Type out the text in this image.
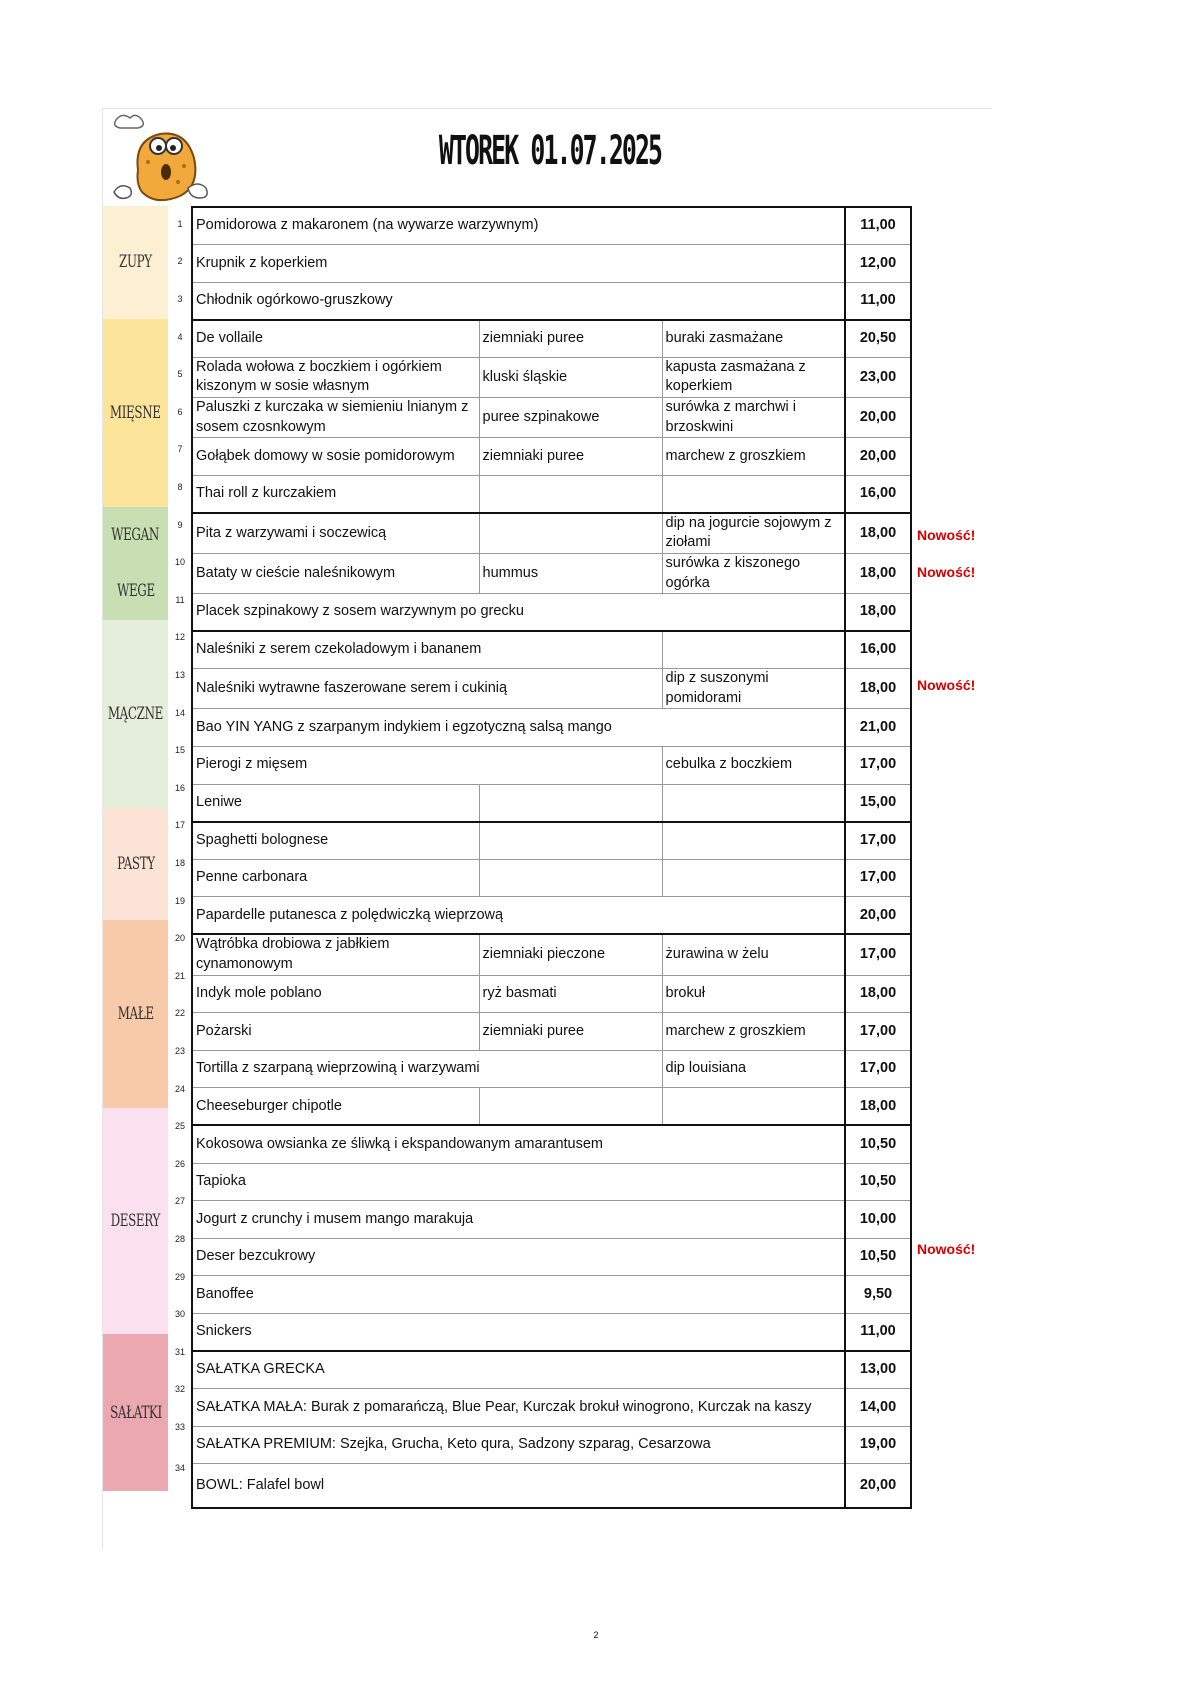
WTOREK 01.07.2025
ZUPY
MIĘSNE
WEGAN
WEGE
MĄCZNE
PASTY
MAŁE
DESERY
SAŁATKI
1
2
3
4
5
6
7
8
9
10
11
12
13
14
15
16
17
18
19
20
21
22
23
24
25
26
27
28
29
30
31
32
33
34
Nowość!
Nowość!
Nowość!
Nowość!
Pomidorowa z makaronem (na wywarze warzywnym)			11,00
Krupnik z koperkiem			12,00
Chłodnik ogórkowo-gruszkowy			11,00
De vollaile	ziemniaki puree	buraki zasmażane	20,50
Rolada wołowa z boczkiem i ogórkiem kiszonym w sosie własnym	kluski śląskie	kapusta zasmażana z koperkiem	23,00
Paluszki z kurczaka w siemieniu lnianym z sosem czosnkowym	puree szpinakowe	surówka z marchwi i brzoskwini	20,00
Gołąbek domowy w sosie pomidorowym	ziemniaki puree	marchew z groszkiem	20,00
Thai roll z kurczakiem			16,00
Pita z warzywami i soczewicą		dip na jogurcie sojowym z ziołami	18,00
Bataty w cieście naleśnikowym	hummus	surówka z kiszonego ogórka	18,00
Placek szpinakowy z sosem warzywnym po grecku			18,00
Naleśniki z serem czekoladowym i bananem			16,00
Naleśniki wytrawne faszerowane serem i cukinią		dip z suszonymi pomidorami	18,00
Bao YIN YANG z szarpanym indykiem i egzotyczną salsą mango			21,00
Pierogi z mięsem		cebulka z boczkiem	17,00
Leniwe			15,00
Spaghetti bolognese			17,00
Penne carbonara			17,00
Papardelle putanesca z polędwiczką wieprzową			20,00
Wątróbka drobiowa z jabłkiem cynamonowym	ziemniaki pieczone	żurawina w żelu	17,00
Indyk mole poblano	ryż basmati	brokuł	18,00
Pożarski	ziemniaki puree	marchew z groszkiem	17,00
Tortilla z szarpaną wieprzowiną i warzywami		dip louisiana	17,00
Cheeseburger chipotle			18,00
Kokosowa owsianka ze śliwką i ekspandowanym amarantusem			10,50
Tapioka			10,50
Jogurt z crunchy i musem mango marakuja			10,00
Deser bezcukrowy			10,50
Banoffee			9,50
Snickers			11,00
SAŁATKA GRECKA			13,00
SAŁATKA MAŁA: Burak z pomarańczą, Blue Pear, Kurczak brokuł winogrono, Kurczak na kaszy			14,00
SAŁATKA PREMIUM: Szejka, Grucha, Keto qura, Sadzony szparag, Cesarzowa			19,00
BOWL: Falafel bowl			20,00
2
